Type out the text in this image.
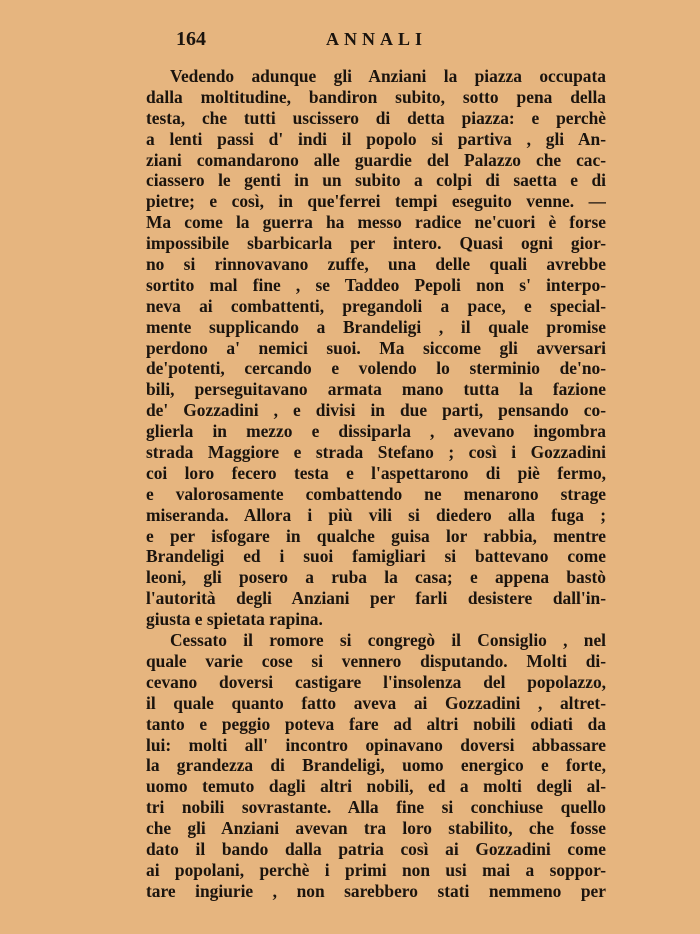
164	ANNALI
Vedendo adunque gli Anziani la piazza occupata
dalla moltitudine, bandiron subito, sotto pena della
testa, che tutti uscissero di detta piazza: e perchè
a lenti passi d' indi il popolo si partiva , gli An-
ziani comandarono alle guardie del Palazzo che cac-
ciassero le genti in un subito a colpi di saetta e di
pietre; e così, in que'ferrei tempi eseguito venne. —
Ma come la guerra ha messo radice ne'cuori è forse
impossibile sbarbicarla per intero. Quasi ogni gior-
no si rinnovavano zuffe, una delle quali avrebbe
sortito mal fine , se Taddeo Pepoli non s' interpo-
neva ai combattenti, pregandoli a pace, e special-
mente supplicando a Brandeligi , il quale promise
perdono a' nemici suoi. Ma siccome gli avversari
de'potenti, cercando e volendo lo sterminio de'no-
bili, perseguitavano armata mano tutta la fazione
de' Gozzadini , e divisi in due parti, pensando co-
glierla in mezzo e dissiparla , avevano ingombra
strada Maggiore e strada Stefano ; così i Gozzadini
coi loro fecero testa e l'aspettarono di piè fermo,
e valorosamente combattendo ne menarono strage
miseranda. Allora i più vili si diedero alla fuga ;
e per isfogare in qualche guisa lor rabbia, mentre
Brandeligi ed i suoi famigliari si battevano come
leoni, gli posero a ruba la casa; e appena bastò
l'autorità degli Anziani per farli desistere dall'in-
giusta e spietata rapina.
Cessato il romore si congregò il Consiglio , nel
quale varie cose si vennero disputando. Molti di-
cevano doversi castigare l'insolenza del popolazzo,
il quale quanto fatto aveva ai Gozzadini , altret-
tanto e peggio poteva fare ad altri nobili odiati da
lui: molti all' incontro opinavano doversi abbassare
la grandezza di Brandeligi, uomo energico e forte,
uomo temuto dagli altri nobili, ed a molti degli al-
tri nobili sovrastante. Alla fine si conchiuse quello
che gli Anziani avevan tra loro stabilito, che fosse
dato il bando dalla patria così ai Gozzadini come
ai popolani, perchè i primi non usi mai a soppor-
tare ingiurie , non sarebbero stati nemmeno per
